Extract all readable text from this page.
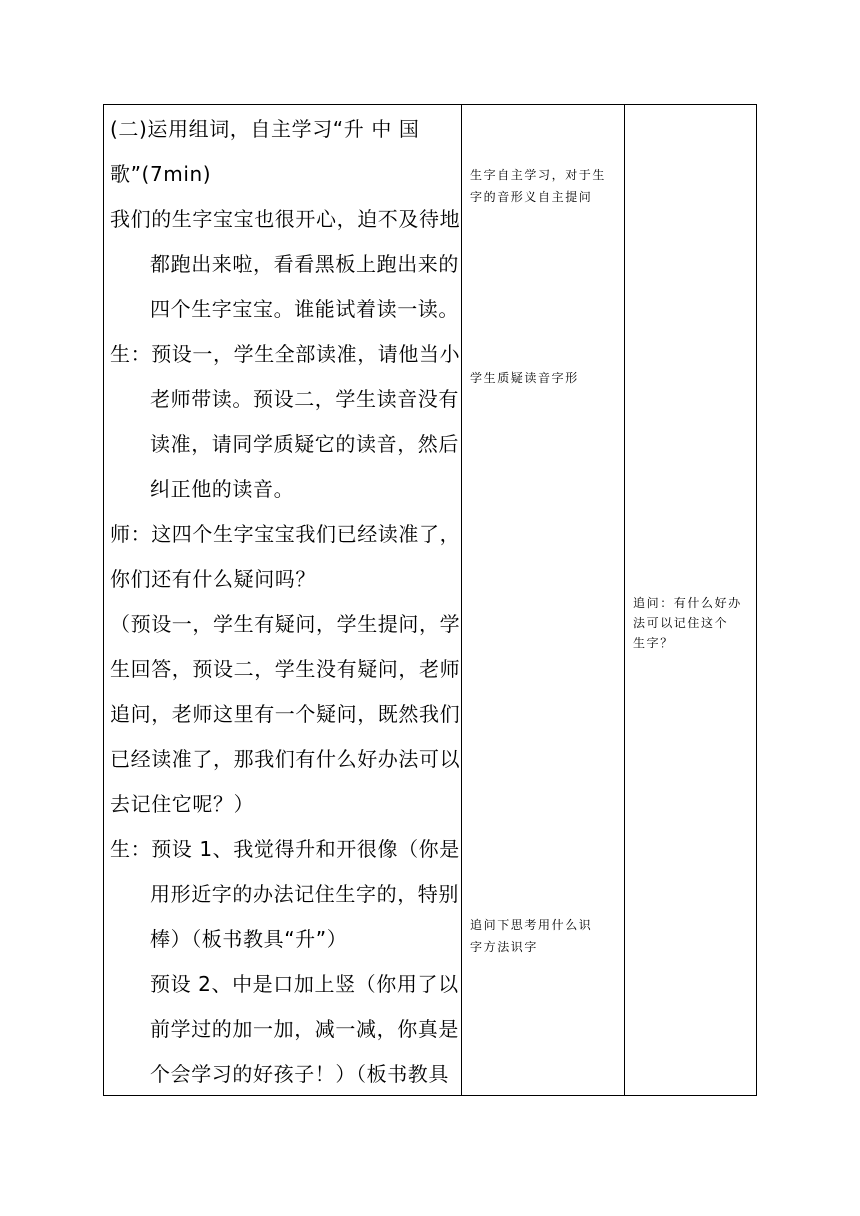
(二)运用组词，自主学习“升 中 国
歌”(7min)
我们的生字宝宝也很开心，迫不及待地
都跑出来啦，看看黑板上跑出来的
四个生字宝宝。谁能试着读一读。
生：预设一，学生全部读准，请他当小
老师带读。预设二，学生读音没有
读准，请同学质疑它的读音，然后
纠正他的读音。
师：这四个生字宝宝我们已经读准了，
你们还有什么疑问吗？
（预设一，学生有疑问，学生提问，学
生回答，预设二，学生没有疑问，老师
追问，老师这里有一个疑问，既然我们
已经读准了，那我们有什么好办法可以
去记住它呢？）
生：预设 1、我觉得升和开很像（你是
用形近字的办法记住生字的，特别
棒）（板书教具“升”）
预设 2、中是口加上竖（你用了以
前学过的加一加，减一减，你真是
个会学习的好孩子！）（板书教具
生字自主学习，对于生
字的音形义自主提问
学生质疑读音字形
追问下思考用什么识
字方法识字
追问：有什么好办
法可以记住这个
生字？
